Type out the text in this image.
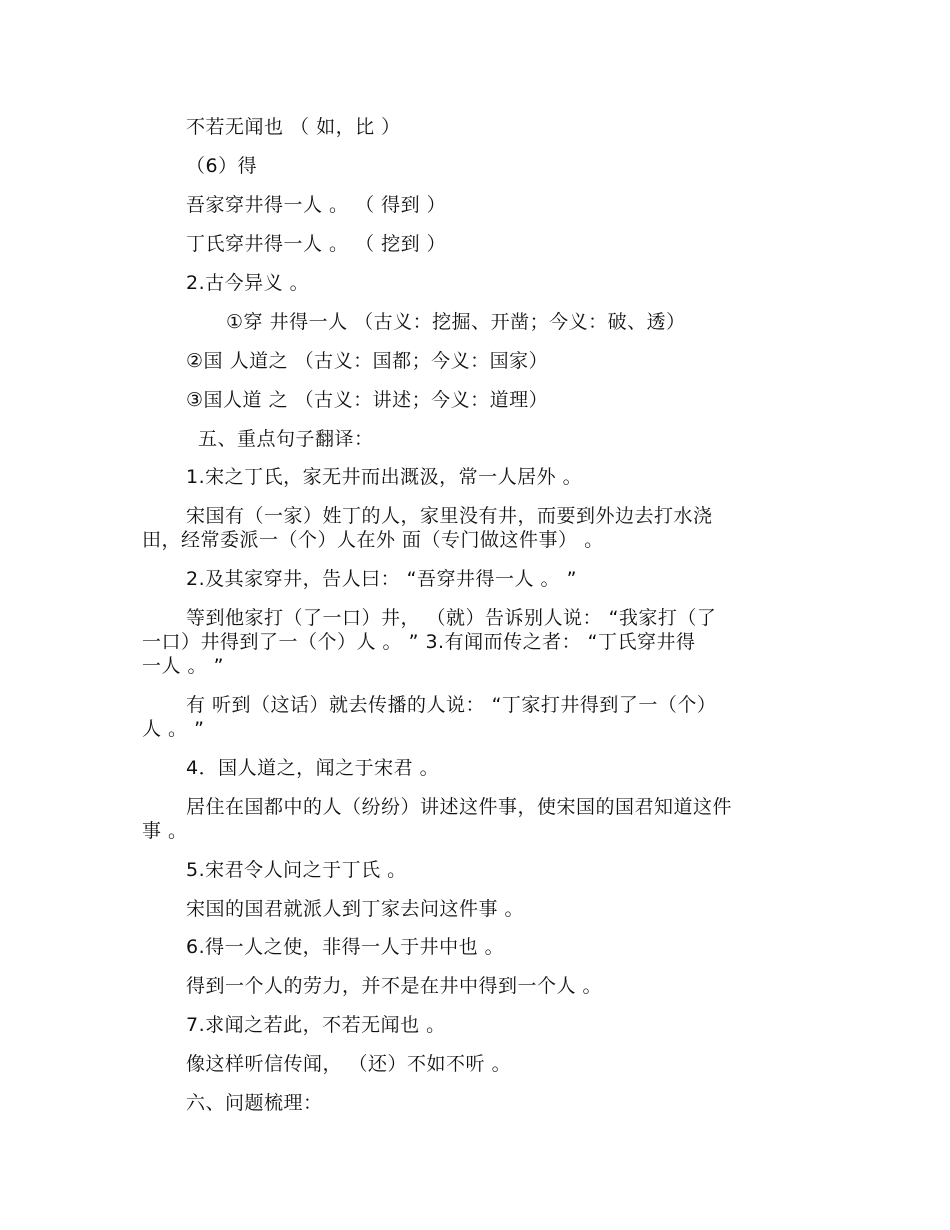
不若无闻也 （ 如，比 ）
（6）得
吾家穿井得一人 。 （ 得到 ）
丁氏穿井得一人 。 （ 挖到 ）
2.古今异义 。
①穿 井得一人 （古义：挖掘、开凿；今义：破、透）
②国 人道之 （古义：国都；今义：国家）
③国人道 之 （古义：讲述；今义：道理）
五、重点句子翻译：
1.宋之丁氏，家无井而出溉汲，常一人居外 。
宋国有（一家）姓丁的人，家里没有井，而要到外边去打水浇
田，经常委派一（个）人在外 面（专门做这件事） 。
2.及其家穿井，告人曰： “吾穿井得一人 。 ”
等到他家打（了一口）井， （就）告诉别人说： “我家打（了
一口）井得到了一（个）人 。 ” 3.有闻而传之者： “丁氏穿井得
一人 。 ”
有 听到（这话）就去传播的人说： “丁家打井得到了一（个）
人 。 ”
4．国人道之，闻之于宋君 。
居住在国都中的人（纷纷）讲述这件事，使宋国的国君知道这件
事 。
5.宋君令人问之于丁氏 。
宋国的国君就派人到丁家去问这件事 。
6.得一人之使，非得一人于井中也 。
得到一个人的劳力，并不是在井中得到一个人 。
7.求闻之若此，不若无闻也 。
像这样听信传闻， （还）不如不听 。
六、问题梳理：
